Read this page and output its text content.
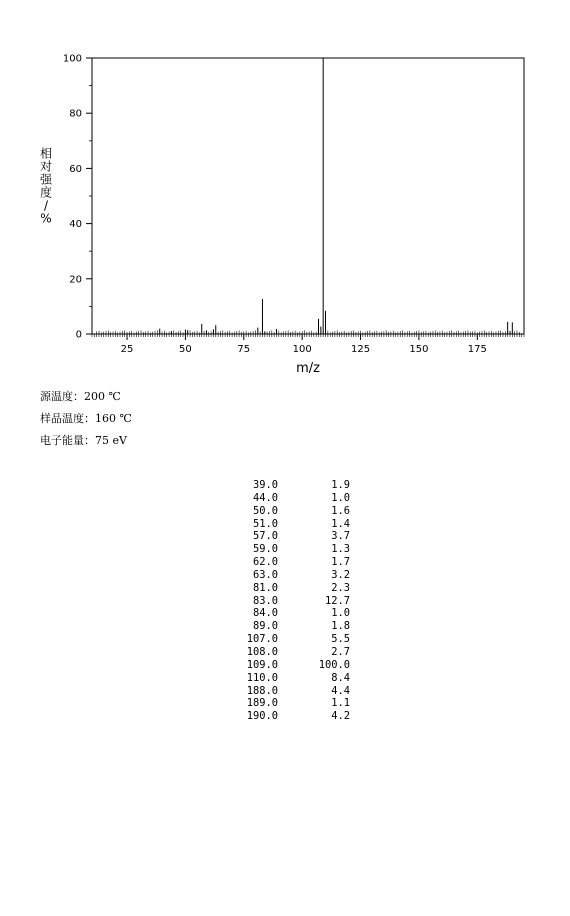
25	50	75	100	125	150	175
0
20
40
60
80
100
m/z
相对强度/ %
源温度：200 ℃
样品温度：160 ℃
电子能量：75 eV
39.0	1.9
44.0	1.0
50.0	1.6
51.0	1.4
57.0	3.7
59.0	1.3
62.0	1.7
63.0	3.2
81.0	2.3
83.0	12.7
84.0	1.0
89.0	1.8
107.0	5.5
108.0	2.7
109.0	100.0
110.0	8.4
188.0	4.4
189.0	1.1
190.0	4.2
